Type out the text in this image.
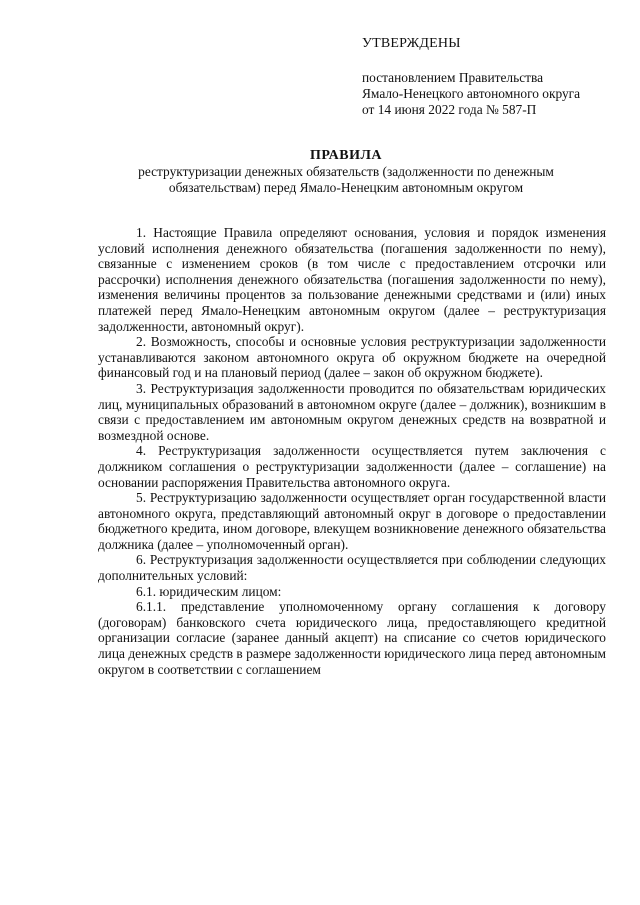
УТВЕРЖДЕНЫ
постановлением Правительства
Ямало-Ненецкого автономного округа
от 14 июня 2022 года № 587-П
ПРАВИЛА
реструктуризации денежных обязательств (задолженности по денежным
обязательствам) перед Ямало-Ненецким автономным округом

1. Настоящие Правила определяют основания, условия и порядок изменения условий исполнения денежного обязательства (погашения задолженности по нему), связанные с изменением сроков (в том числе с предоставлением отсрочки или рассрочки) исполнения денежного обязательства (погашения задолженности по нему), изменения величины процентов за пользование денежными средствами и (или) иных платежей перед Ямало-Ненецким автономным округом (далее – реструктуризация задолженности, автономный округ).

2. Возможность, способы и основные условия реструктуризации задолженности устанавливаются законом автономного округа об окружном бюджете на очередной финансовый год и на плановый период (далее – закон об окружном бюджете).

3. Реструктуризация задолженности проводится по обязательствам юридических лиц, муниципальных образований в автономном округе (далее – должник), возникшим в связи с предоставлением им автономным округом денежных средств на возвратной и возмездной основе.

4. Реструктуризация задолженности осуществляется путем заключения с должником соглашения о реструктуризации задолженности (далее – соглашение) на основании распоряжения Правительства автономного округа.

5. Реструктуризацию задолженности осуществляет орган государственной власти автономного округа, представляющий автономный округ в договоре о предоставлении бюджетного кредита, ином договоре, влекущем возникновение денежного обязательства должника (далее – уполномоченный орган).

6. Реструктуризация задолженности осуществляется при соблюдении следующих дополнительных условий:

6.1. юридическим лицом:

6.1.1. представление уполномоченному органу соглашения к договору (договорам) банковского счета юридического лица, предоставляющего кредитной организации согласие (заранее данный акцепт) на списание со счетов юридического лица денежных средств в размере задолженности юридического лица перед автономным округом в соответствии с соглашением
